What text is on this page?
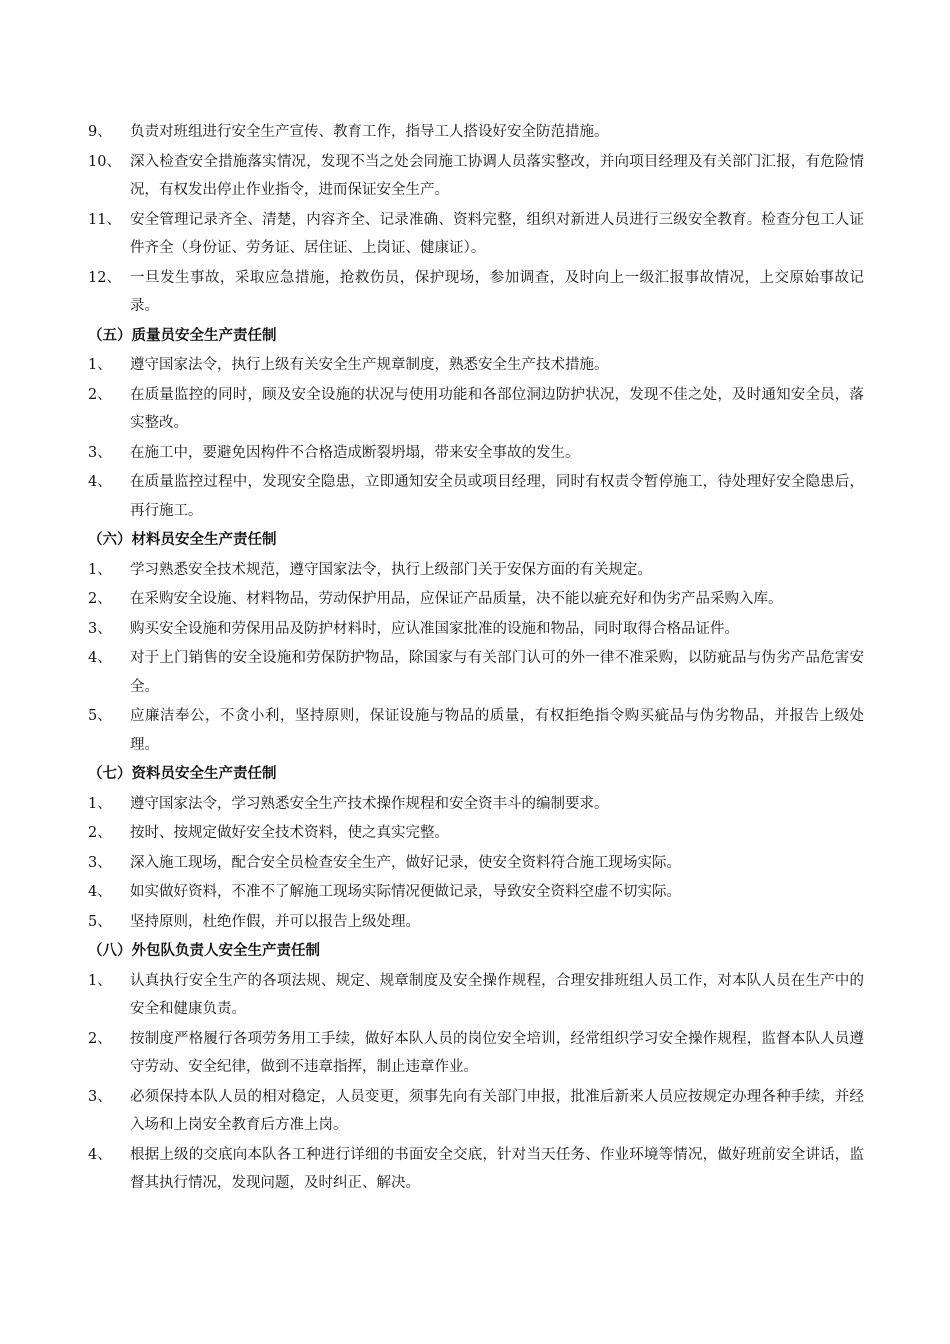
9、	负责对班组进行安全生产宣传、教育工作，指导工人搭设好安全防范措施。
10、 深入检查安全措施落实情况，发现不当之处会同施工协调人员落实整改，并向项目经理及有关部门汇报，有危险情况，有权发出停止作业指令，进而保证安全生产。
11、 安全管理记录齐全、清楚，内容齐全、记录准确、资料完整，组织对新进人员进行三级安全教育。检查分包工人证件齐全（身份证、劳务证、居住证、上岗证、健康证）。
12、 一旦发生事故，采取应急措施，抢救伤员，保护现场，参加调查，及时向上一级汇报事故情况，上交原始事故记录。
（五）质量员安全生产责任制
1、	遵守国家法令，执行上级有关安全生产规章制度，熟悉安全生产技术措施。
2、	在质量监控的同时，顾及安全设施的状况与使用功能和各部位洞边防护状况，发现不佳之处，及时通知安全员，落实整改。
3、	在施工中，要避免因构件不合格造成断裂坍塌，带来安全事故的发生。
4、	在质量监控过程中，发现安全隐患，立即通知安全员或项目经理，同时有权责令暂停施工，待处理好安全隐患后，再行施工。
（六）材料员安全生产责任制
1、	学习熟悉安全技术规范，遵守国家法令，执行上级部门关于安保方面的有关规定。
2、	在采购安全设施、材料物品，劳动保护用品，应保证产品质量，决不能以疵充好和伪劣产品采购入库。
3、	购买安全设施和劳保用品及防护材料时，应认准国家批准的设施和物品，同时取得合格品证件。
4、	对于上门销售的安全设施和劳保防护物品，除国家与有关部门认可的外一律不准采购，以防疵品与伪劣产品危害安全。
5、	应廉洁奉公，不贪小利，坚持原则，保证设施与物品的质量，有权拒绝指令购买疵品与伪劣物品，并报告上级处理。
（七）资料员安全生产责任制
1、	遵守国家法令，学习熟悉安全生产技术操作规程和安全资丰斗的编制要求。
2、	按时、按规定做好安全技术资料，使之真实完整。
3、	深入施工现场，配合安全员检查安全生产，做好记录，使安全资料符合施工现场实际。
4、	如实做好资料，不准不了解施工现场实际情况便做记录，导致安全资料空虚不切实际。
5、	坚持原则，杜绝作假，并可以报告上级处理。
（八）外包队负责人安全生产责任制
1、	认真执行安全生产的各项法规、规定、规章制度及安全操作规程，合理安排班组人员工作，对本队人员在生产中的安全和健康负责。
2、	按制度严格履行各项劳务用工手续，做好本队人员的岗位安全培训，经常组织学习安全操作规程，监督本队人员遵守劳动、安全纪律，做到不违章指挥，制止违章作业。
3、	必须保持本队人员的相对稳定，人员变更，须事先向有关部门申报，批准后新来人员应按规定办理各种手续，并经入场和上岗安全教育后方准上岗。
4、	根据上级的交底向本队各工种进行详细的书面安全交底，针对当天任务、作业环境等情况，做好班前安全讲话，监督其执行情况，发现问题，及时纠正、解决。
